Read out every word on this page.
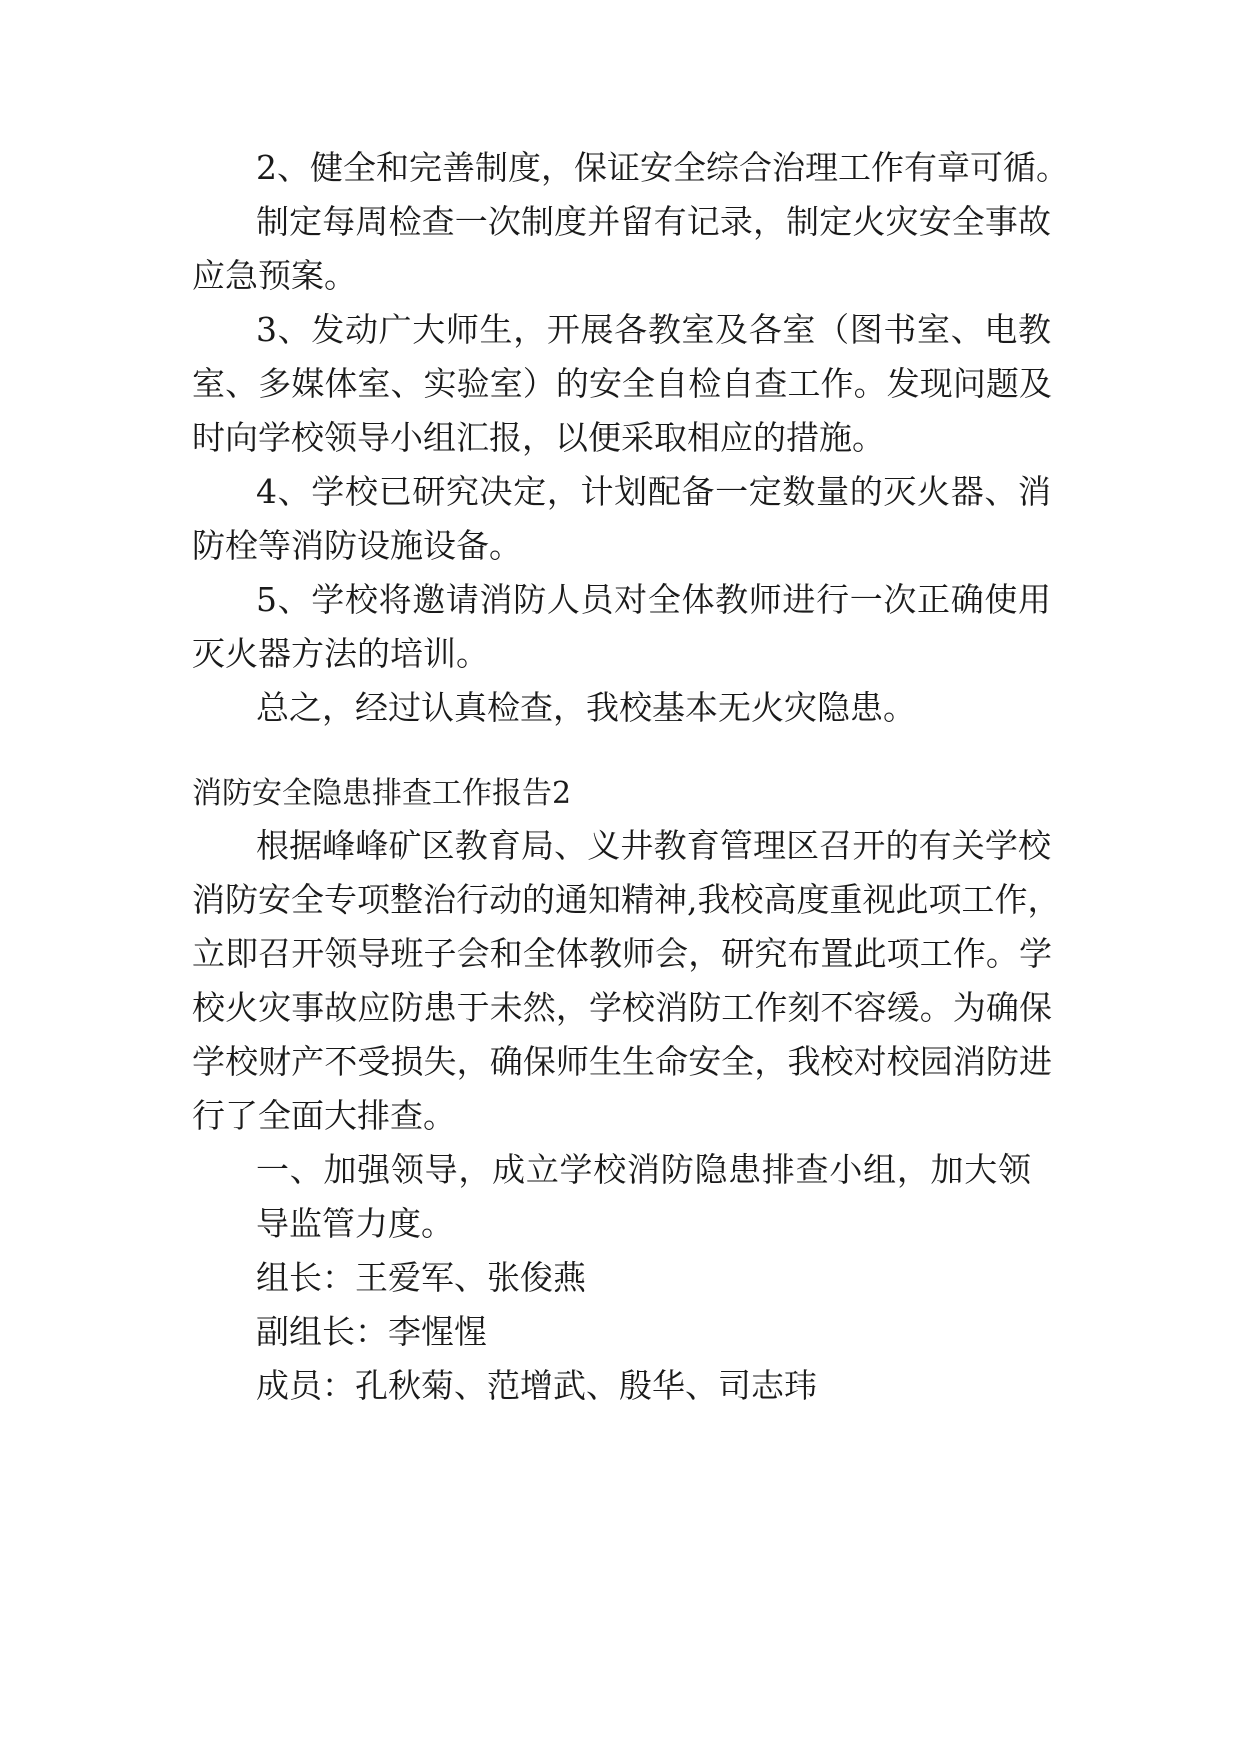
2、健全和完善制度，保证安全综合治理工作有章可循。
制定每周检查一次制度并留有记录，制定火灾安全事故
应急预案。
3、发动广大师生，开展各教室及各室（图书室、电教
室、多媒体室、实验室）的安全自检自查工作。发现问题及
时向学校领导小组汇报，以便采取相应的措施。
4、学校已研究决定，计划配备一定数量的灭火器、消
防栓等消防设施设备。
5、学校将邀请消防人员对全体教师进行一次正确使用
灭火器方法的培训。
总之，经过认真检查，我校基本无火灾隐患。
消防安全隐患排查工作报告2
根据峰峰矿区教育局、义井教育管理区召开的有关学校
消防安全专项整治行动的通知精神,我校高度重视此项工作，
立即召开领导班子会和全体教师会，研究布置此项工作。学
校火灾事故应防患于未然，学校消防工作刻不容缓。为确保
学校财产不受损失，确保师生生命安全，我校对校园消防进
行了全面大排查。
一、加强领导，成立学校消防隐患排查小组，加大领
导监管力度。
组长：王爱军、张俊燕
副组长：李惺惺
成员：孔秋菊、范增武、殷华、司志玮
